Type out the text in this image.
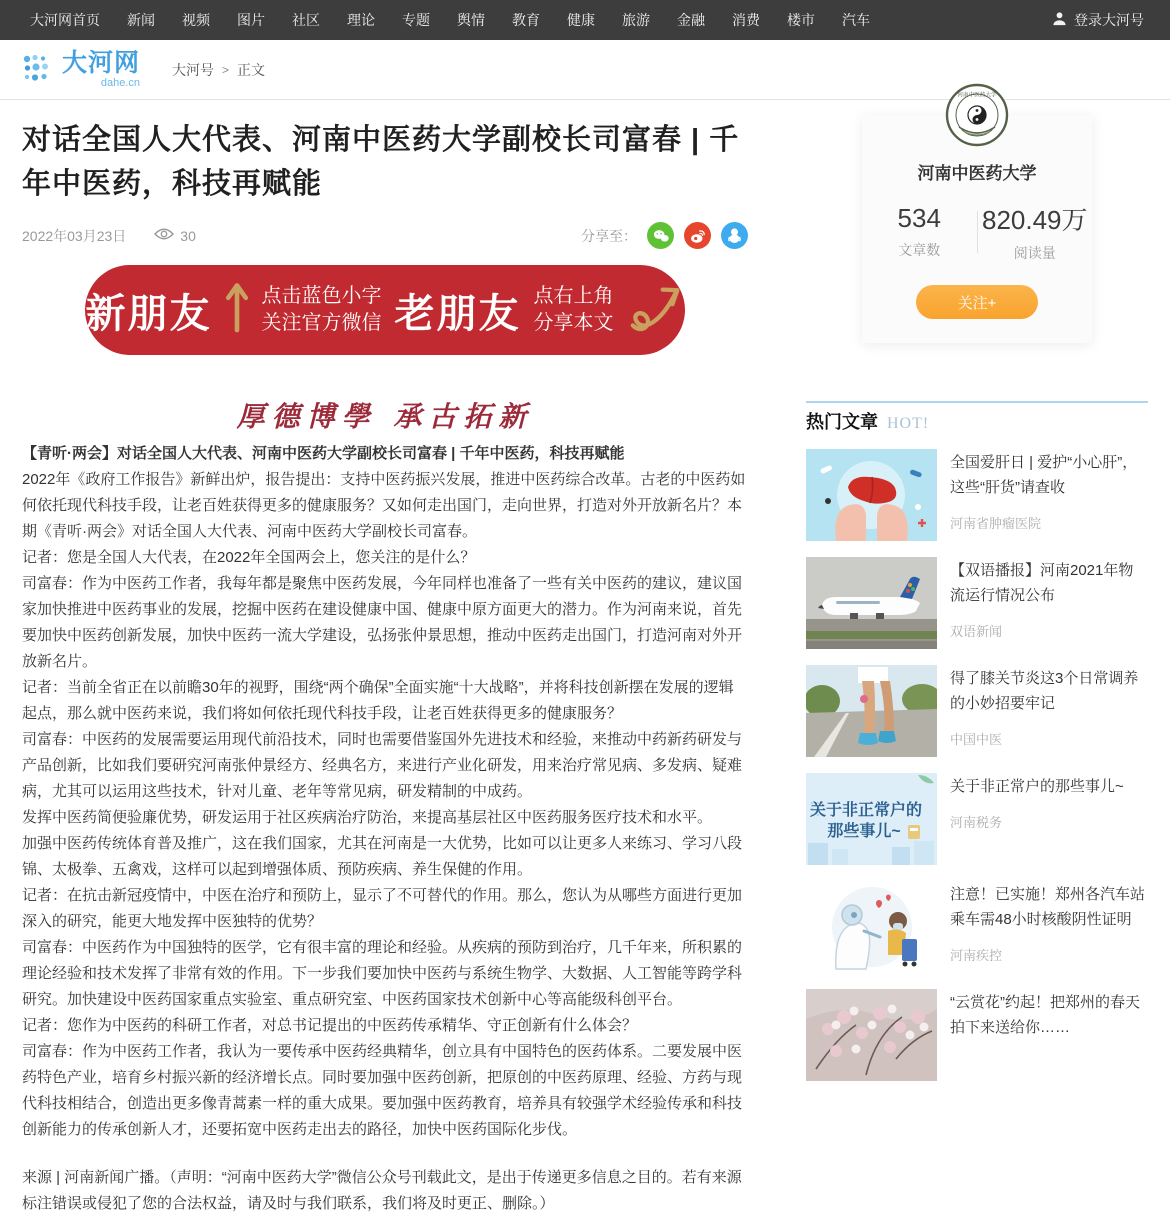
大河网首页 新闻 视频 图片 社区 理论 专题 舆情 教育 健康 旅游 金融 消费 楼市 汽车	登录大河号
大河网
dahe.cn
大河号 > 正文
对话全国人大代表、河南中医药大学副校长司富春 | 千年中医药，科技再赋能
2022年03月23日	30	分享至：
新朋友	点击蓝色小字
关注官方微信 老朋友 点右上角
分享本文
厚德博學 承古拓新

【青听·两会】对话全国人大代表、河南中医药大学副校长司富春 | 千年中医药，科技再赋能

2022年《政府工作报告》新鲜出炉，报告提出：支持中医药振兴发展，推进中医药综合改革。古老的中医药如何依托现代科技手段，让老百姓获得更多的健康服务？又如何走出国门，走向世界，打造对外开放新名片？本期《青听·两会》对话全国人大代表、河南中医药大学副校长司富春。

记者：您是全国人大代表，在2022年全国两会上，您关注的是什么？

司富春：作为中医药工作者，我每年都是聚焦中医药发展，今年同样也准备了一些有关中医药的建议，建议国家加快推进中医药事业的发展，挖掘中医药在建设健康中国、健康中原方面更大的潜力。作为河南来说，首先要加快中医药创新发展，加快中医药一流大学建设，弘扬张仲景思想，推动中医药走出国门，打造河南对外开放新名片。

记者：当前全省正在以前瞻30年的视野，围绕“两个确保”全面实施“十大战略”，并将科技创新摆在发展的逻辑起点，那么就中医药来说，我们将如何依托现代科技手段，让老百姓获得更多的健康服务？

司富春：中医药的发展需要运用现代前沿技术，同时也需要借鉴国外先进技术和经验，来推动中药新药研发与产品创新，比如我们要研究河南张仲景经方、经典名方，来进行产业化研发，用来治疗常见病、多发病、疑难病，尤其可以运用这些技术，针对儿童、老年等常见病，研发精制的中成药。

发挥中医药简便验廉优势，研发运用于社区疾病治疗防治，来提高基层社区中医药服务医疗技术和水平。

加强中医药传统体育普及推广，这在我们国家，尤其在河南是一大优势，比如可以让更多人来练习、学习八段锦、太极拳、五禽戏，这样可以起到增强体质、预防疾病、养生保健的作用。

记者：在抗击新冠疫情中，中医在治疗和预防上，显示了不可替代的作用。那么，您认为从哪些方面进行更加深入的研究，能更大地发挥中医独特的优势？

司富春：中医药作为中国独特的医学，它有很丰富的理论和经验。从疾病的预防到治疗，几千年来，所积累的理论经验和技术发挥了非常有效的作用。下一步我们要加快中医药与系统生物学、大数据、人工智能等跨学科研究。加快建设中医药国家重点实验室、重点研究室、中医药国家技术创新中心等高能级科创平台。

记者：您作为中医药的科研工作者，对总书记提出的中医药传承精华、守正创新有什么体会？

司富春：作为中医药工作者，我认为一要传承中医药经典精华，创立具有中国特色的医药体系。二要发展中医药特色产业，培育乡村振兴新的经济增长点。同时要加强中医药创新，把原创的中医药原理、经验、方药与现代科技相结合，创造出更多像青蒿素一样的重大成果。要加强中医药教育，培养具有较强学术经验传承和科技创新能力的传承创新人才，还要拓宽中医药走出去的路径，加快中医药国际化步伐。

来源 | 河南新闻广播。（声明：“河南中医药大学”微信公众号刊载此文，是出于传递更多信息之目的。若有来源标注错误或侵犯了您的合法权益，请及时与我们联系，我们将及时更正、删除。）

河南中医药大学
河南中医药大学
534
文章数
820.49万
阅读量
关注+
热门文章 HOT!
全国爱肝日 | 爱护“小心肝”，这些“肝货”请查收
河南省肿瘤医院
【双语播报】河南2021年物流运行情况公布
双语新闻
得了膝关节炎这3个日常调养的小妙招要牢记
中国中医
关于非正常户的
那些事儿~
关于非正常户的那些事儿~
河南税务
注意！已实施！郑州各汽车站乘车需48小时核酸阴性证明
河南疾控
“云赏花”约起！把郑州的春天拍下来送给你……
